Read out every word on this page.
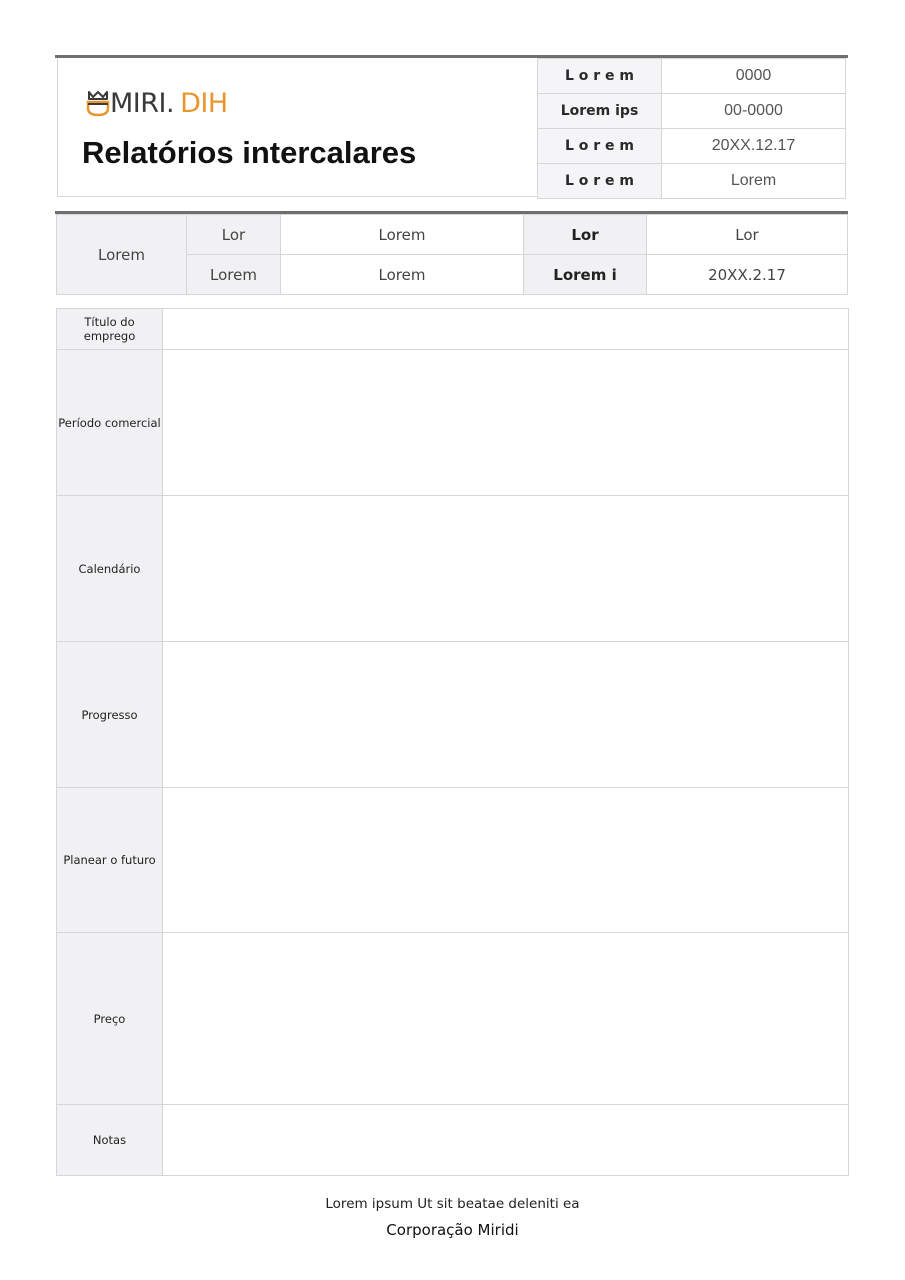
MIRI. DIH
Relatórios intercalares
L o r e m	0000
Lorem ips	00-0000
L o r e m	20XX.12.17
L o r e m	Lorem
Lorem	Lor	Lorem	Lor	Lor
	Lorem	Lorem	Lorem i	20XX.2.17
Título do emprego	
Período comercial	
Calendário	
Progresso	
Planear o futuro	
Preço	
Notas	
Lorem ipsum Ut sit beatae deleniti ea
Corporação Miridi
